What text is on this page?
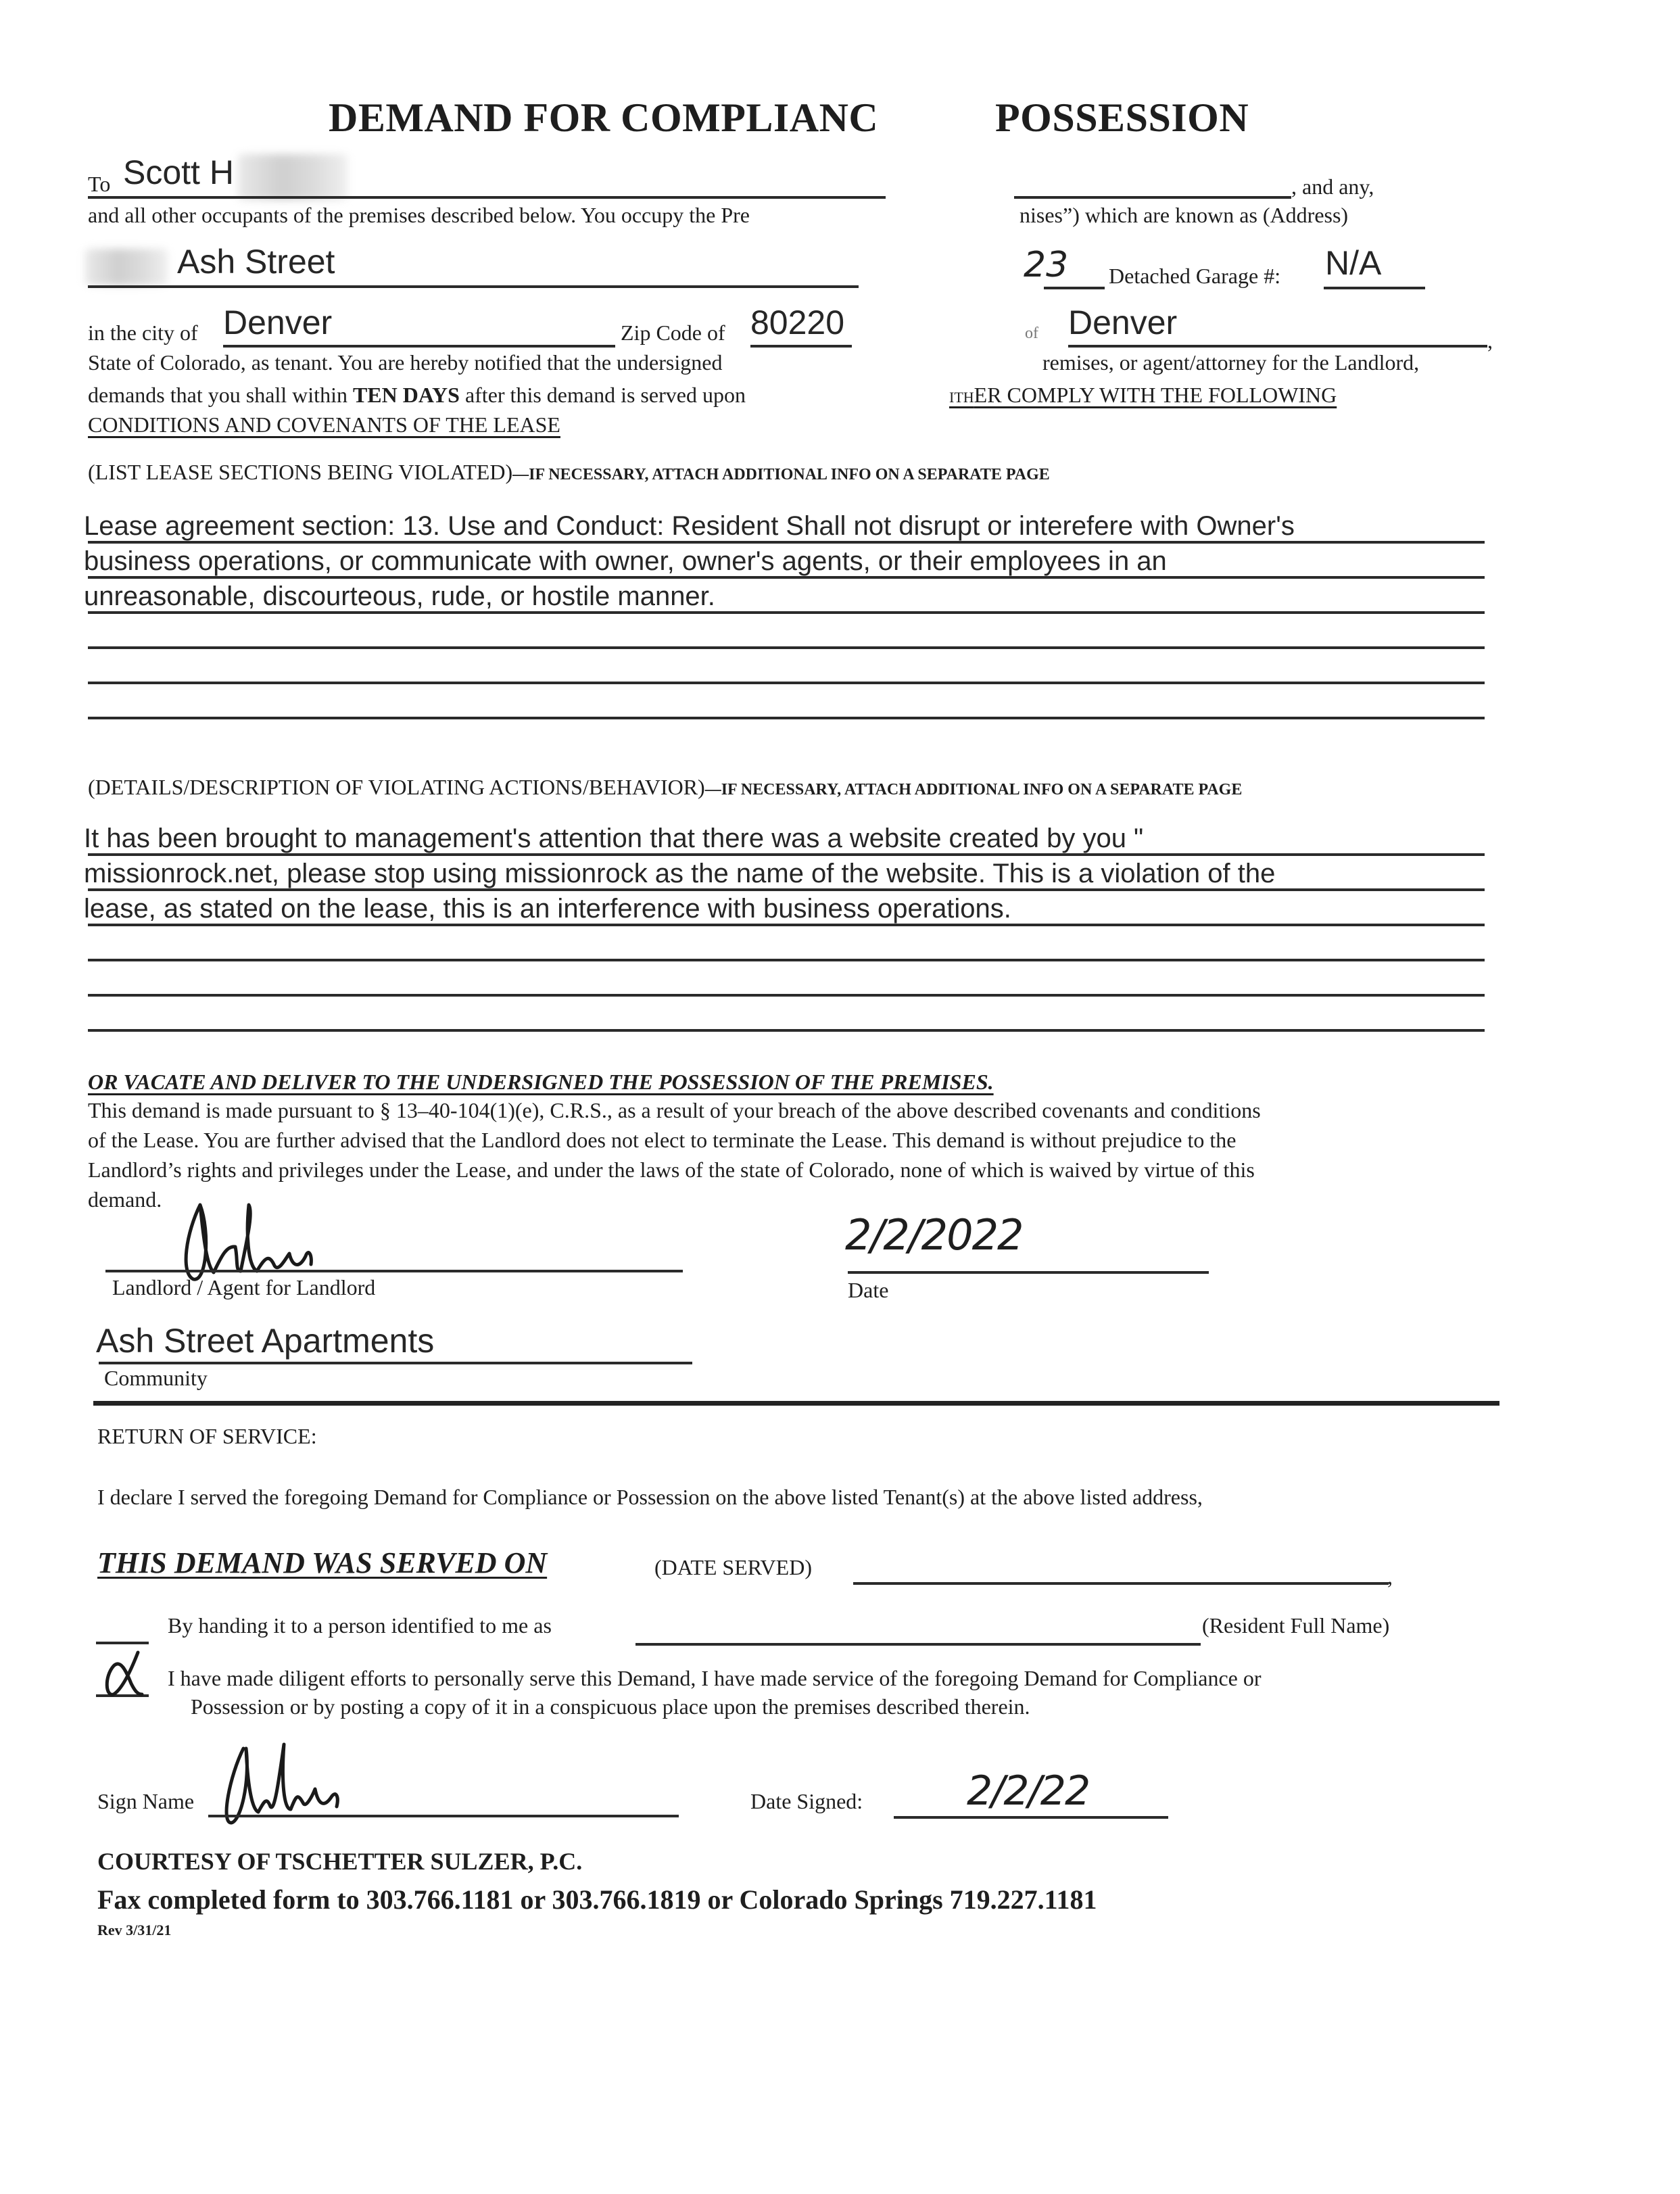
DEMAND FOR COMPLIANC	POSSESSION
To Scott H	, and any,
and all other occupants of the premises described below. You occupy the Pre	nises”) which are known as (Address)
Ash Street	23 Detached Garage #: N/A
in the city of Denver	Zip Code of 80220	of Denver	,
State of Colorado, as tenant. You are hereby notified that the undersigned	remises, or agent/attorney for the Landlord,
demands that you shall within TEN DAYS after this demand is served upon	ITHER COMPLY WITH THE FOLLOWING
CONDITIONS AND COVENANTS OF THE LEASE
(LIST LEASE SECTIONS BEING VIOLATED)—IF NECESSARY, ATTACH ADDITIONAL INFO ON A SEPARATE PAGE
Lease agreement section: 13. Use and Conduct: Resident Shall not disrupt or interefere with Owner's
business operations, or communicate with owner, owner's agents, or their employees in an
unreasonable, discourteous, rude, or hostile manner.
(DETAILS/DESCRIPTION OF VIOLATING ACTIONS/BEHAVIOR)—IF NECESSARY, ATTACH ADDITIONAL INFO ON A SEPARATE PAGE
It has been brought to management's attention that there was a website created by you "
missionrock.net, please stop using missionrock as the name of the website. This is a violation of the
lease, as stated on the lease, this is an interference with business operations.
OR VACATE AND DELIVER TO THE UNDERSIGNED THE POSSESSION OF THE PREMISES.
This demand is made pursuant to § 13–40-104(1)(e), C.R.S., as a result of your breach of the above described covenants and conditions
of the Lease. You are further advised that the Landlord does not elect to terminate the Lease. This demand is without prejudice to the
Landlord’s rights and privileges under the Lease, and under the laws of the state of Colorado, none of which is waived by virtue of this
demand.
Landlord / Agent for Landlord
2/2/2022
Date
Ash Street Apartments
Community
RETURN OF SERVICE:
I declare I served the foregoing Demand for Compliance or Possession on the above listed Tenant(s) at the above listed address,
THIS DEMAND WAS SERVED ON	(DATE SERVED)	,
By handing it to a person identified to me as	(Resident Full Name)
I have made diligent efforts to personally serve this Demand, I have made service of the foregoing Demand for Compliance or
Possession or by posting a copy of it in a conspicuous place upon the premises described therein.
Sign Name	Date Signed:	2/2/22
COURTESY OF TSCHETTER SULZER, P.C.
Fax completed form to 303.766.1181 or 303.766.1819 or Colorado Springs 719.227.1181
Rev 3/31/21
